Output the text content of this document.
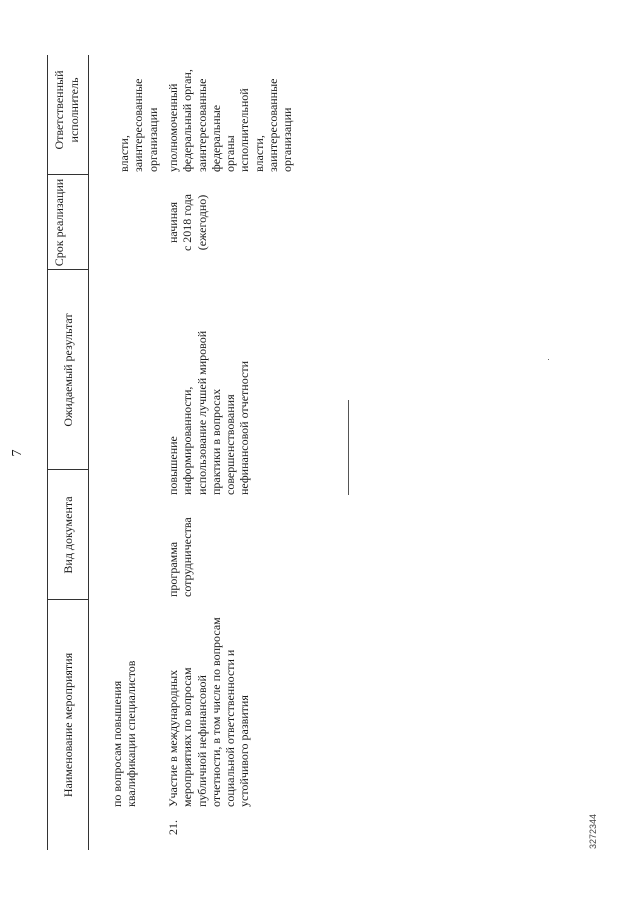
7
Наименование мероприятия
Вид документа
Ожидаемый результат
Срок реализации
Ответственный исполнитель
по вопросам повышения квалификации специалистов
власти, заинтересованные организации
21.
Участие в международных мероприятиях по вопросам публичной нефинансовой отчетности, в том числе по вопросам социальной ответственности и устойчивого развития
программа сотрудничества
повышение информированности, использование лучшей мировой практики в вопросах совершенствования нефинансовой отчетности
начиная с 2018 года (ежегодно)
уполномоченный федеральный орган, заинтересованные федеральные органы исполнительной власти, заинтересованные организации
3272344
